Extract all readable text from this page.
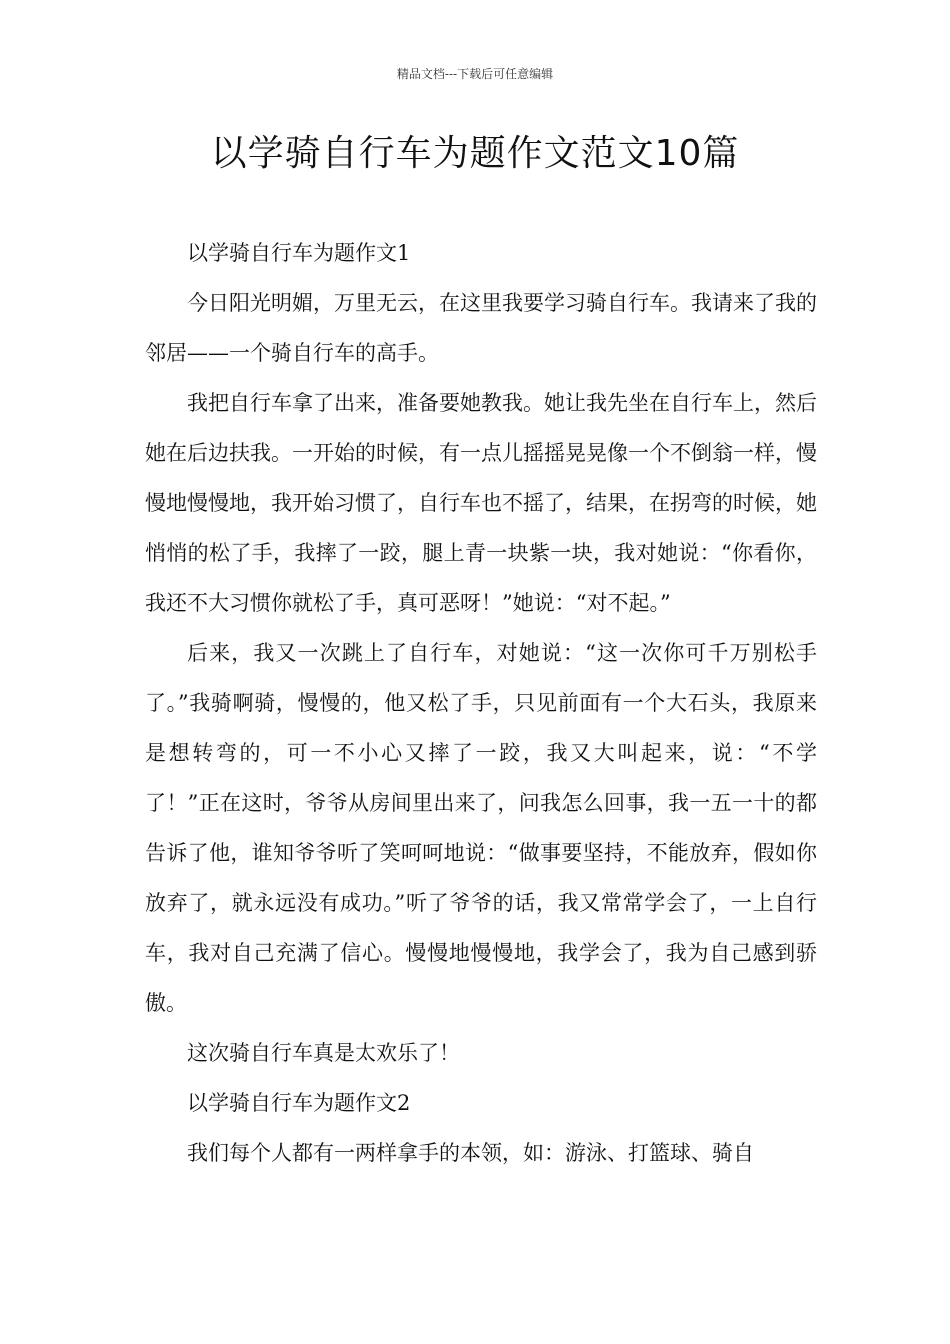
精品文档---下载后可任意编辑
以学骑自行车为题作文范文10篇

以学骑自行车为题作文1

今日阳光明媚，万里无云，在这里我要学习骑自行车。我请来了我的邻居——一个骑自行车的高手。

我把自行车拿了出来，准备要她教我。她让我先坐在自行车上，然后她在后边扶我。一开始的时候，有一点儿摇摇晃晃像一个不倒翁一样，慢慢地慢慢地，我开始习惯了，自行车也不摇了，结果，在拐弯的时候，她悄悄的松了手，我摔了一跤，腿上青一块紫一块，我对她说：“你看你，我还不大习惯你就松了手，真可恶呀！”她说：“对不起。”

后来，我又一次跳上了自行车，对她说：“这一次你可千万别松手了。”我骑啊骑，慢慢的，他又松了手，只见前面有一个大石头，我原来是想转弯的，可一不小心又摔了一跤，我又大叫起来，说：“不学了！”正在这时，爷爷从房间里出来了，问我怎么回事，我一五一十的都告诉了他，谁知爷爷听了笑呵呵地说：“做事要坚持，不能放弃，假如你放弃了，就永远没有成功。”听了爷爷的话，我又常常学会了，一上自行车，我对自己充满了信心。慢慢地慢慢地，我学会了，我为自己感到骄傲。

这次骑自行车真是太欢乐了！

以学骑自行车为题作文2

我们每个人都有一两样拿手的本领，如：游泳、打篮球、骑自
